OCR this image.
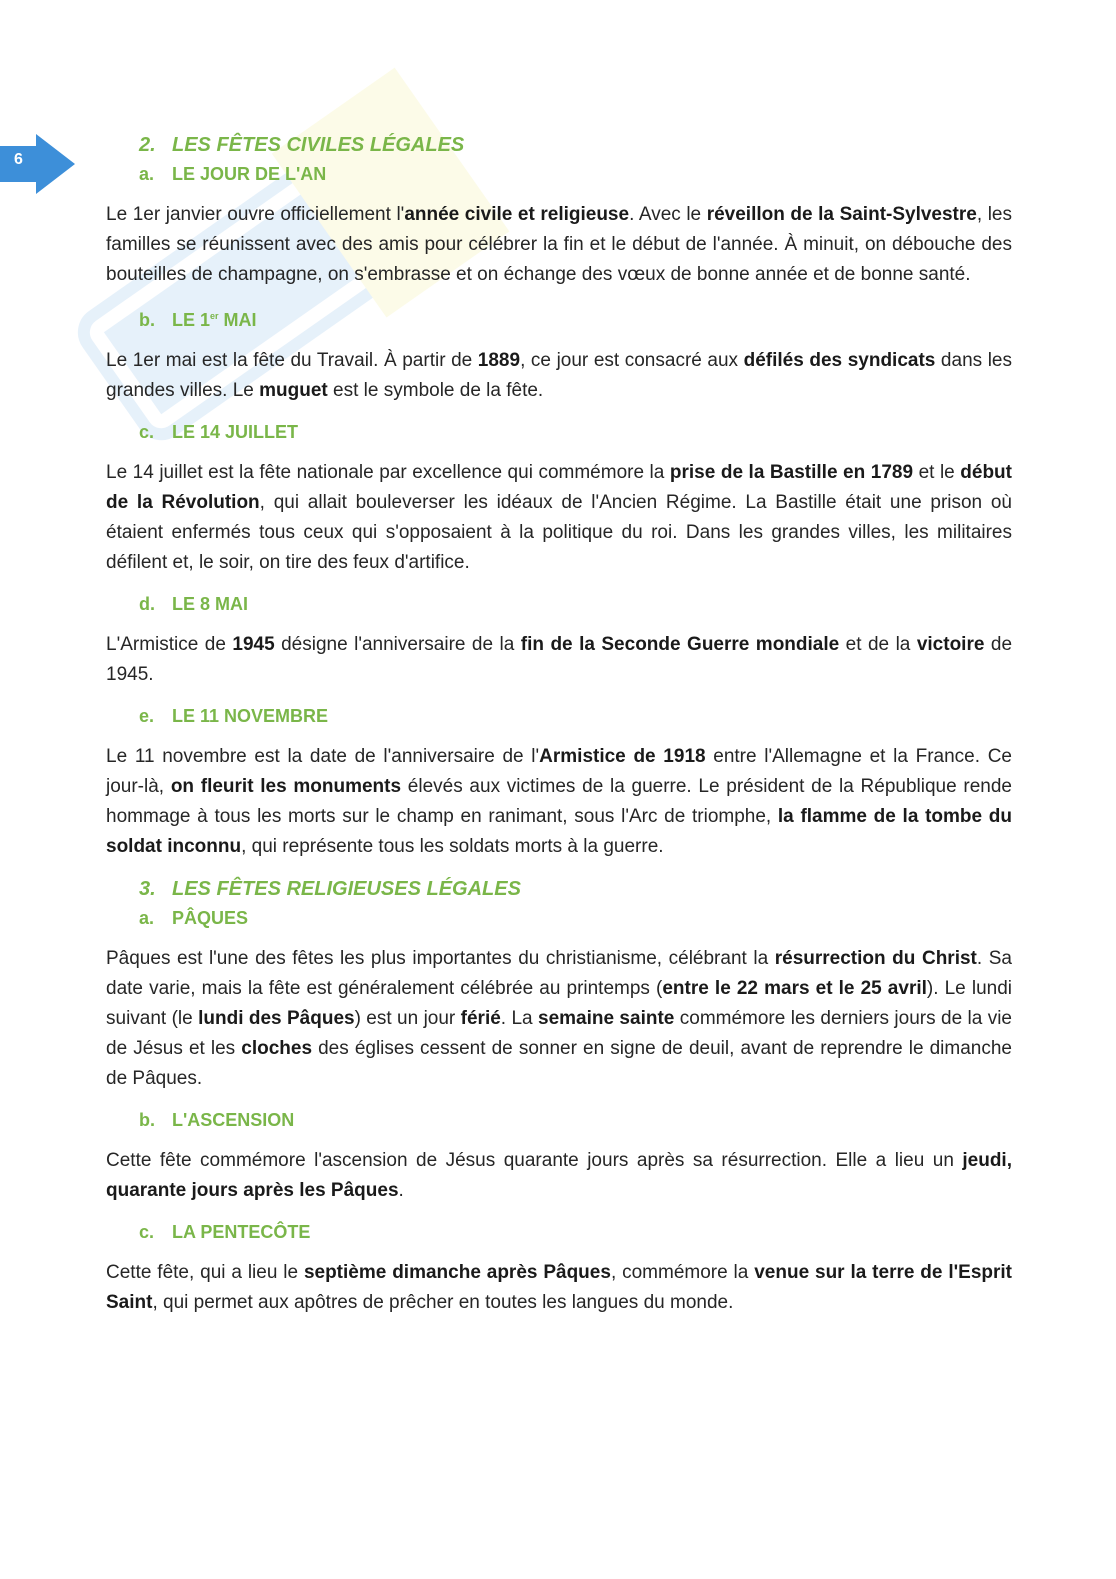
6
2. LES FÊTES CIVILES LÉGALES
a. LE JOUR DE L'AN

Le 1er janvier ouvre officiellement l'année civile et religieuse. Avec le réveillon de la Saint-Sylvestre, les familles se réunissent avec des amis pour célébrer la fin et le début de l'année. À minuit, on débouche des bouteilles de champagne, on s'embrasse et on échange des vœux de bonne année et de bonne santé.

b. LE 1er MAI

Le 1er mai est la fête du Travail. À partir de 1889, ce jour est consacré aux défilés des syndicats dans les grandes villes. Le muguet est le symbole de la fête.

c. LE 14 JUILLET

Le 14 juillet est la fête nationale par excellence qui commémore la prise de la Bastille en 1789 et le début de la Révolution, qui allait bouleverser les idéaux de l'Ancien Régime. La Bastille était une prison où étaient enfermés tous ceux qui s'opposaient à la politique du roi. Dans les grandes villes, les militaires défilent et, le soir, on tire des feux d'artifice.

d. LE 8 MAI

L'Armistice de 1945 désigne l'anniversaire de la fin de la Seconde Guerre mondiale et de la victoire de 1945.

e. LE 11 NOVEMBRE

Le 11 novembre est la date de l'anniversaire de l'Armistice de 1918 entre l'Allemagne et la France. Ce jour-là, on fleurit les monuments élevés aux victimes de la guerre. Le président de la République rende hommage à tous les morts sur le champ en ranimant, sous l'Arc de triomphe, la flamme de la tombe du soldat inconnu, qui représente tous les soldats morts à la guerre.

3. LES FÊTES RELIGIEUSES LÉGALES
a. PÂQUES

Pâques est l'une des fêtes les plus importantes du christianisme, célébrant la résurrection du Christ. Sa date varie, mais la fête est généralement célébrée au printemps (entre le 22 mars et le 25 avril). Le lundi suivant (le lundi des Pâques) est un jour férié. La semaine sainte commémore les derniers jours de la vie de Jésus et les cloches des églises cessent de sonner en signe de deuil, avant de reprendre le dimanche de Pâques.

b. L'ASCENSION

Cette fête commémore l'ascension de Jésus quarante jours après sa résurrection. Elle a lieu un jeudi, quarante jours après les Pâques.

c. LA PENTECÔTE

Cette fête, qui a lieu le septième dimanche après Pâques, commémore la venue sur la terre de l'Esprit Saint, qui permet aux apôtres de prêcher en toutes les langues du monde.
